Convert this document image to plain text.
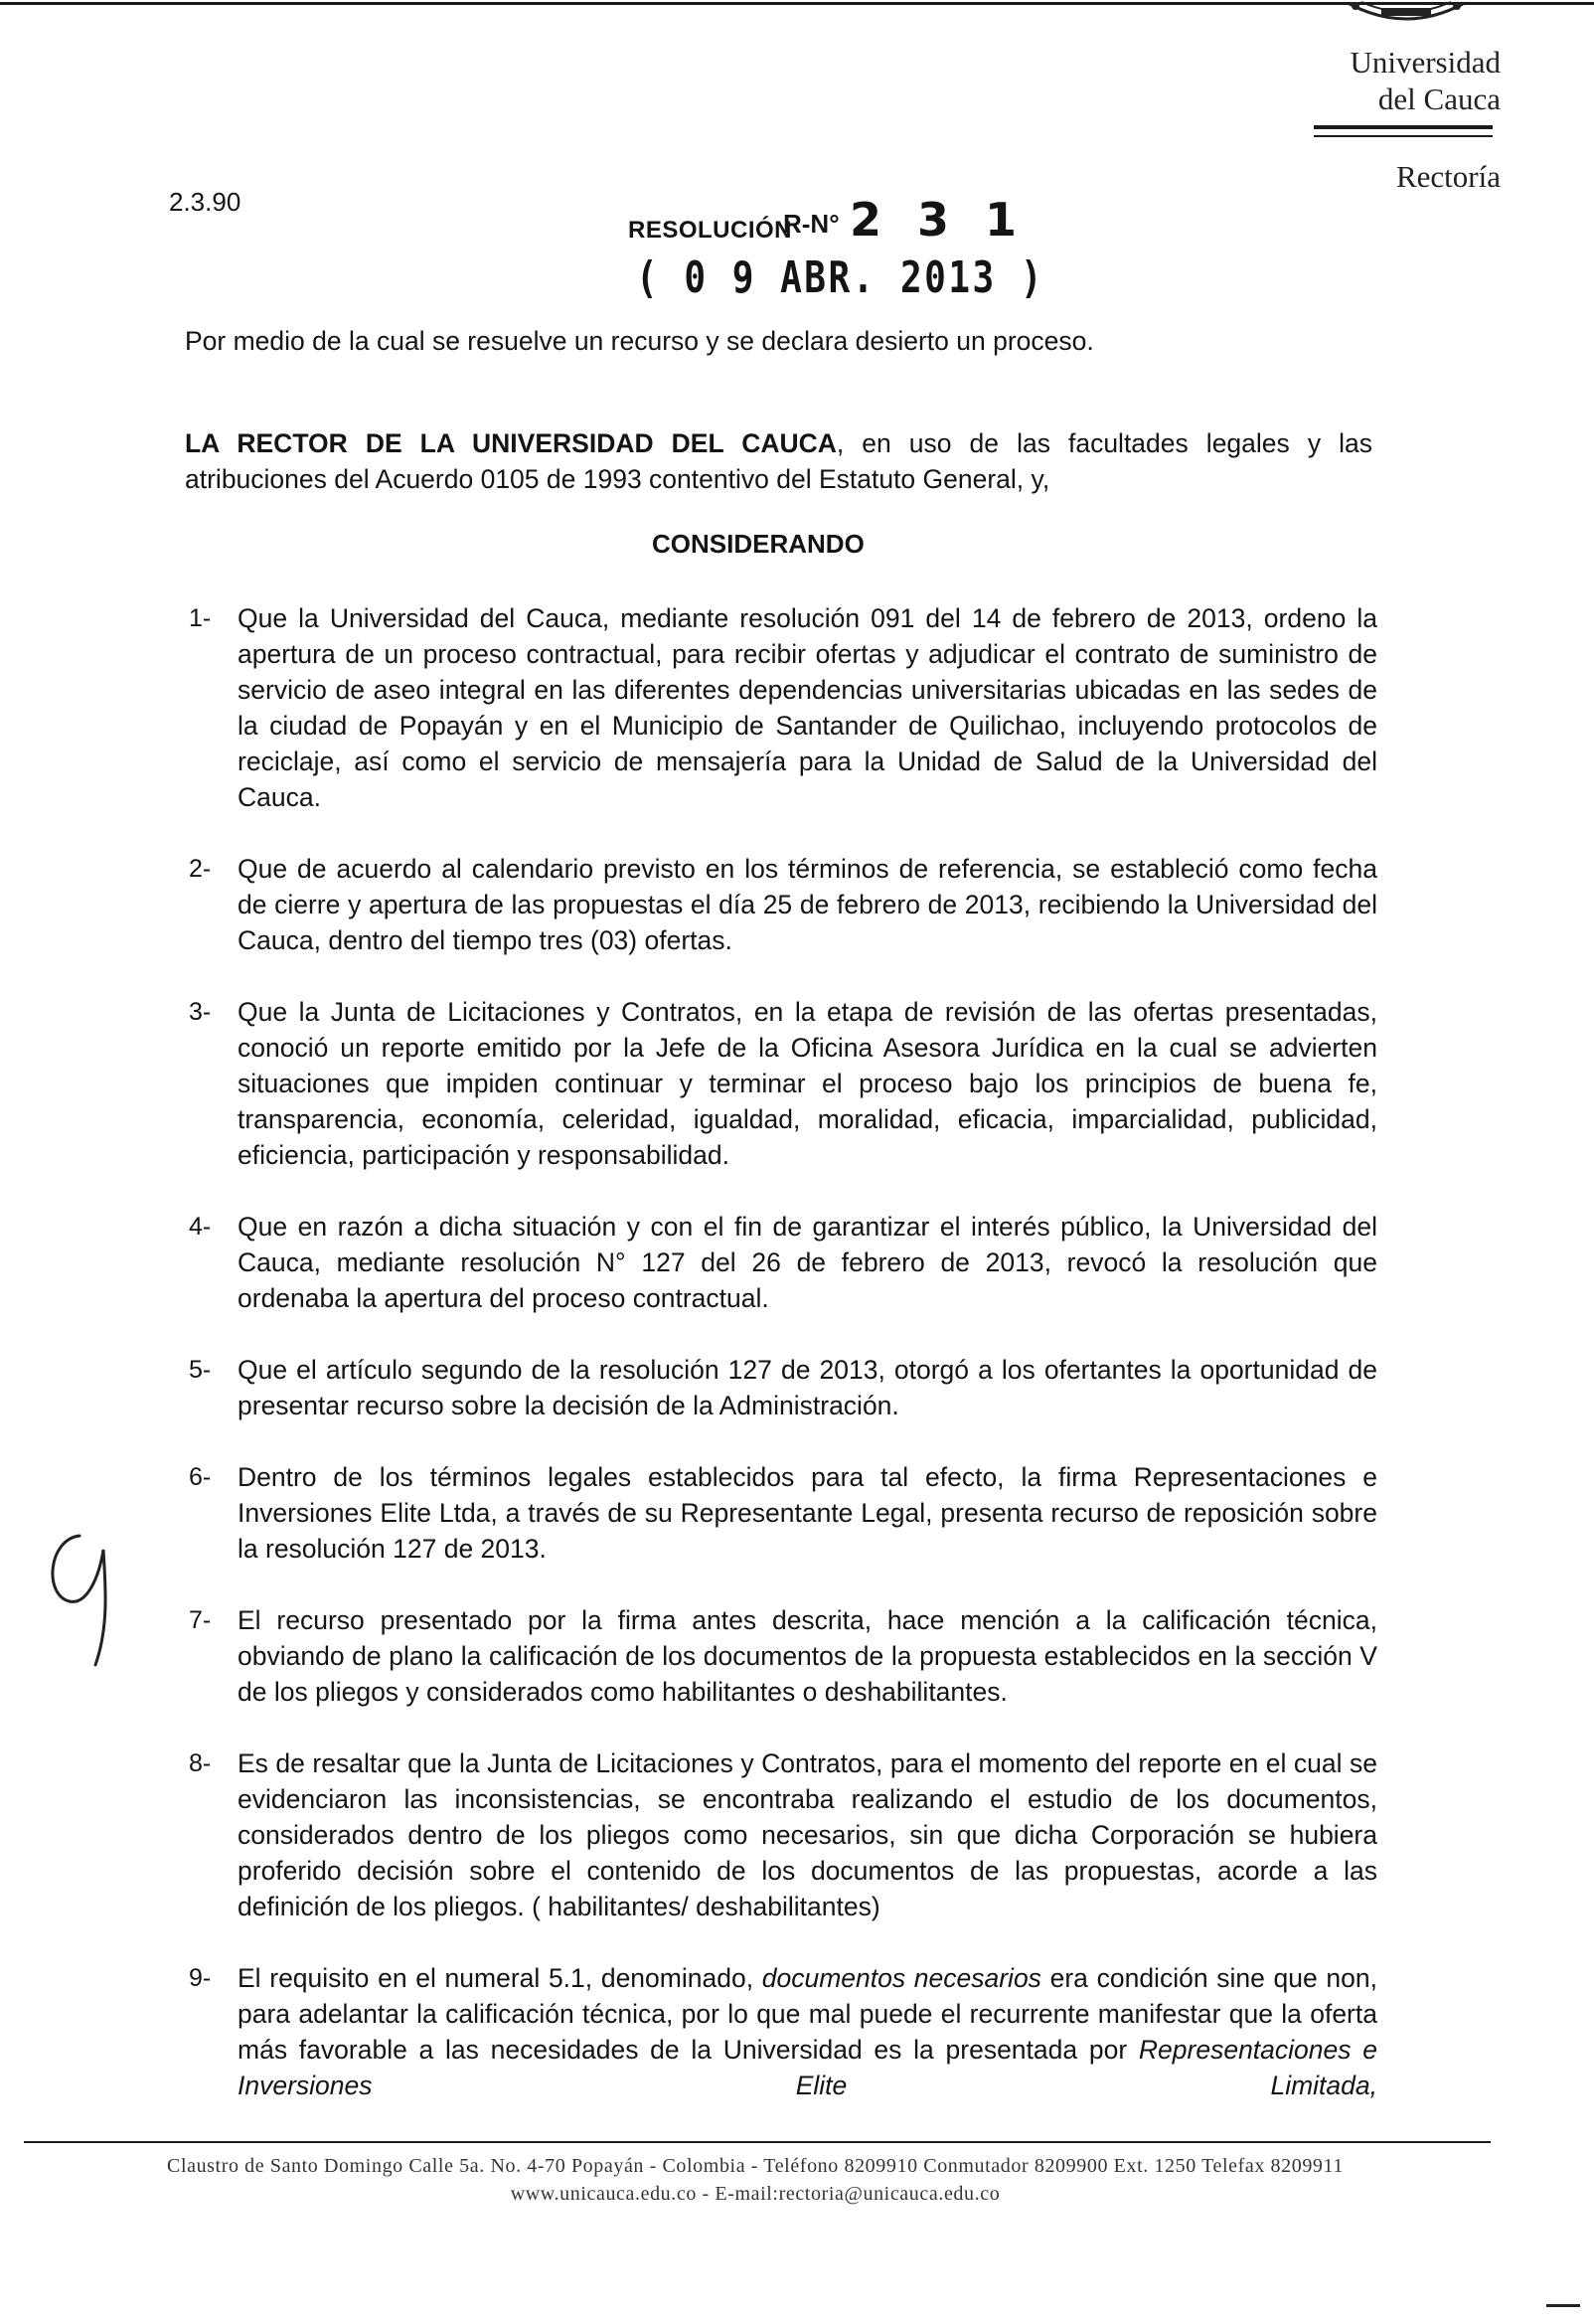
Universidad
del Cauca
Rectoría
2.3.90
RESOLUCIÓN
R-N° 2 3 1
( 0 9 ABR. 2013 )
Por medio de la cual se resuelve un recurso y se declara desierto un proceso.
LA RECTOR DE LA UNIVERSIDAD DEL CAUCA, en uso de las facultades legales y las atribuciones del Acuerdo 0105 de 1993 contentivo del Estatuto General, y,
CONSIDERANDO
1- Que la Universidad del Cauca, mediante resolución 091 del 14 de febrero de 2013, ordeno la apertura de un proceso contractual, para recibir ofertas y adjudicar el contrato de suministro de servicio de aseo integral en las diferentes dependencias universitarias ubicadas en las sedes de la ciudad de Popayán y en el Municipio de Santander de Quilichao, incluyendo protocolos de reciclaje, así como el servicio de mensajería para la Unidad de Salud de la Universidad del Cauca.
2- Que de acuerdo al calendario previsto en los términos de referencia, se estableció como fecha de cierre y apertura de las propuestas el día 25 de febrero de 2013, recibiendo la Universidad del Cauca, dentro del tiempo tres (03) ofertas.
3- Que la Junta de Licitaciones y Contratos, en la etapa de revisión de las ofertas presentadas, conoció un reporte emitido por la Jefe de la Oficina Asesora Jurídica en la cual se advierten situaciones que impiden continuar y terminar el proceso bajo los principios de buena fe, transparencia, economía, celeridad, igualdad, moralidad, eficacia, imparcialidad, publicidad, eficiencia, participación y responsabilidad.
4- Que en razón a dicha situación y con el fin de garantizar el interés público, la Universidad del Cauca, mediante resolución N° 127 del 26 de febrero de 2013, revocó la resolución que ordenaba la apertura del proceso contractual.
5- Que el artículo segundo de la resolución 127 de 2013, otorgó a los ofertantes la oportunidad de presentar recurso sobre la decisión de la Administración.
6- Dentro de los términos legales establecidos para tal efecto, la firma Representaciones e Inversiones Elite Ltda, a través de su Representante Legal, presenta recurso de reposición sobre la resolución 127 de 2013.
7- El recurso presentado por la firma antes descrita, hace mención a la calificación técnica, obviando de plano la calificación de los documentos de la propuesta establecidos en la sección V de los pliegos y considerados como habilitantes o deshabilitantes.
8- Es de resaltar que la Junta de Licitaciones y Contratos, para el momento del reporte en el cual se evidenciaron las inconsistencias, se encontraba realizando el estudio de los documentos, considerados dentro de los pliegos como necesarios, sin que dicha Corporación se hubiera proferido decisión sobre el contenido de los documentos de las propuestas, acorde a las definición de los pliegos. ( habilitantes/ deshabilitantes)
9- El requisito en el numeral 5.1, denominado, documentos necesarios era condición sine que non, para adelantar la calificación técnica, por lo que mal puede el recurrente manifestar que la oferta más favorable a las necesidades de la Universidad es la presentada por Representaciones e Inversiones Elite Limitada,
Claustro de Santo Domingo Calle 5a. No. 4-70 Popayán - Colombia - Teléfono 8209910 Conmutador 8209900 Ext. 1250 Telefax 8209911
www.unicauca.edu.co - E-mail:rectoria@unicauca.edu.co
